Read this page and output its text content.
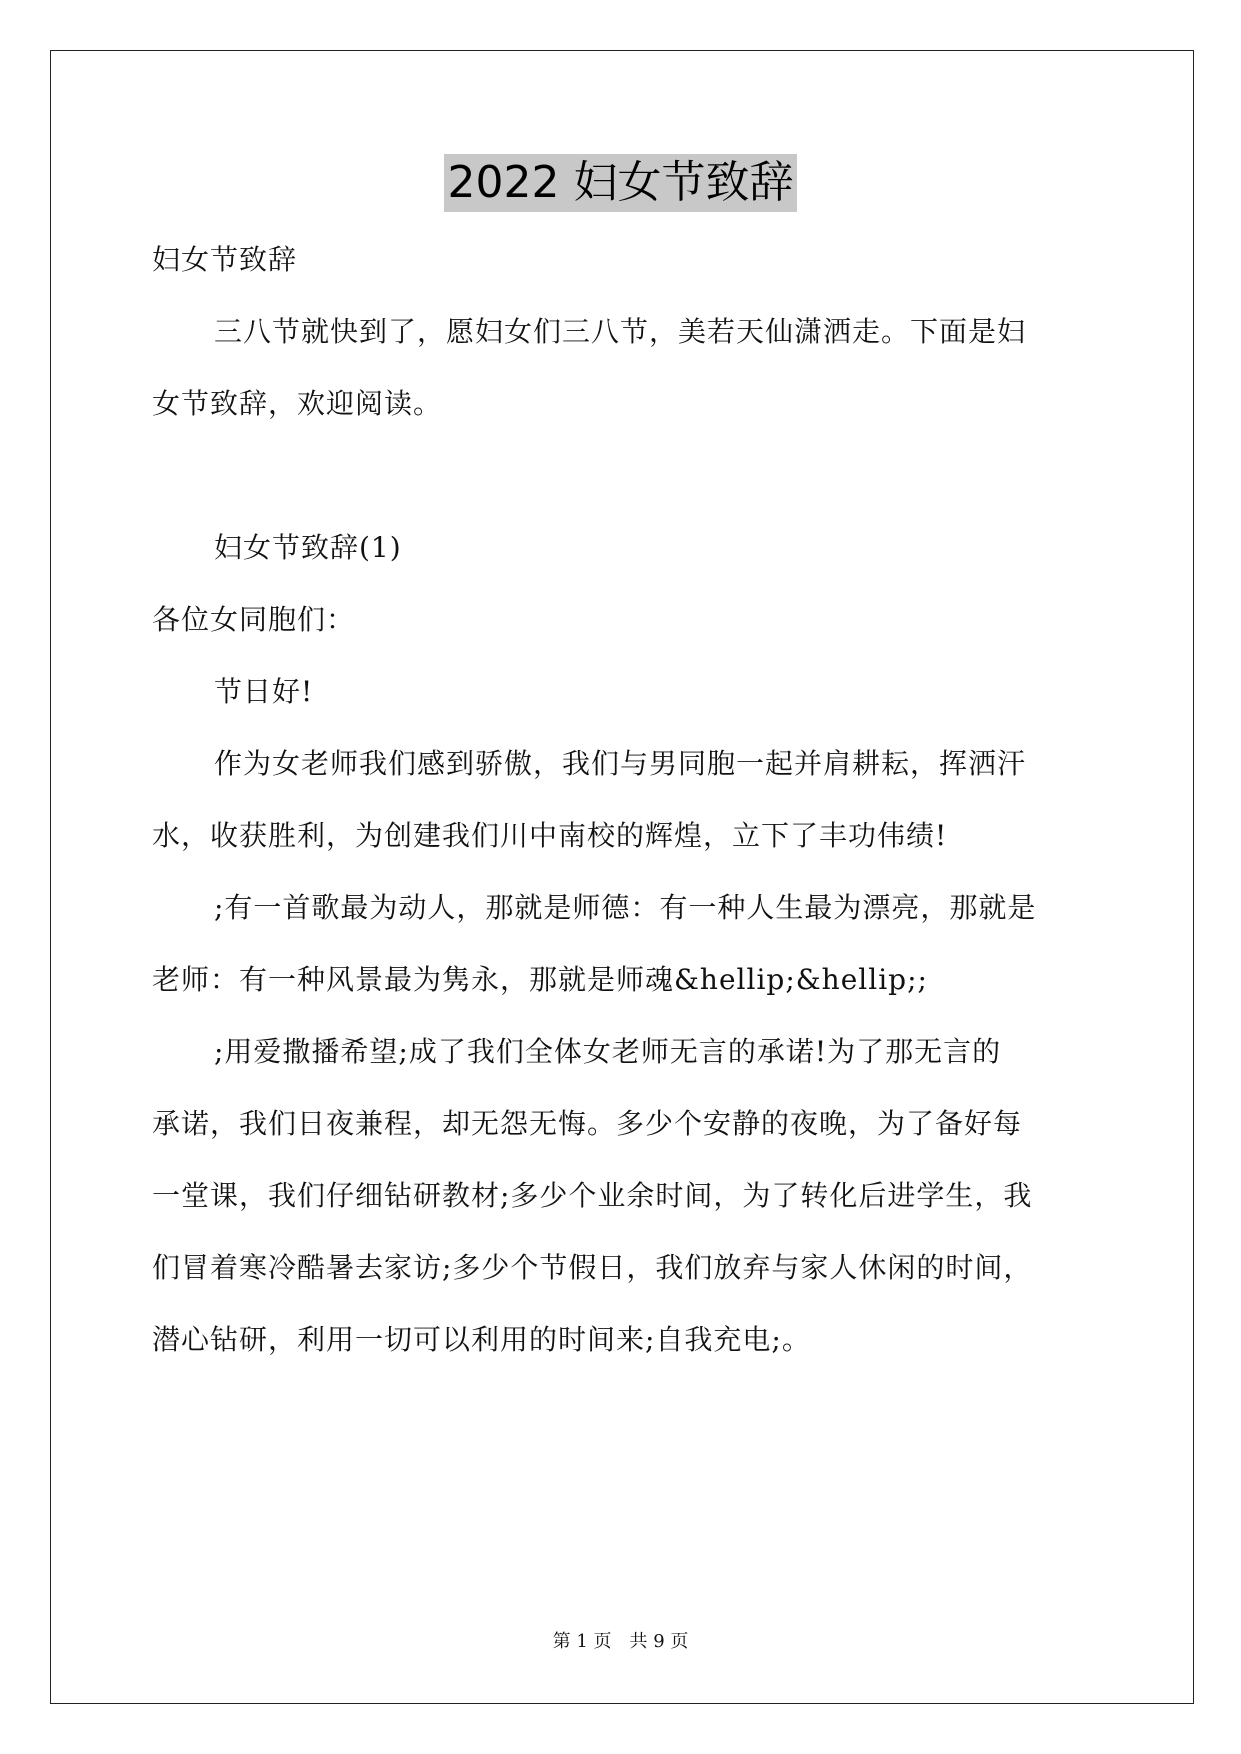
2022 妇女节致辞

妇女节致辞

三八节就快到了，愿妇女们三八节，美若天仙潇洒走。下面是妇

女节致辞，欢迎阅读。

妇女节致辞(1)

各位女同胞们：

节日好!

作为女老师我们感到骄傲，我们与男同胞一起并肩耕耘，挥洒汗

水，收获胜利，为创建我们川中南校的辉煌，立下了丰功伟绩!

;有一首歌最为动人，那就是师德：有一种人生最为漂亮，那就是

老师：有一种风景最为隽永，那就是师魂&hellip;&hellip;;

;用爱撒播希望;成了我们全体女老师无言的承诺!为了那无言的

承诺，我们日夜兼程，却无怨无悔。多少个安静的夜晚，为了备好每

一堂课，我们仔细钻研教材;多少个业余时间，为了转化后进学生，我

们冒着寒冷酷暑去家访;多少个节假日，我们放弃与家人休闲的时间，

潜心钻研，利用一切可以利用的时间来;自我充电;。

第 1 页　共 9 页
